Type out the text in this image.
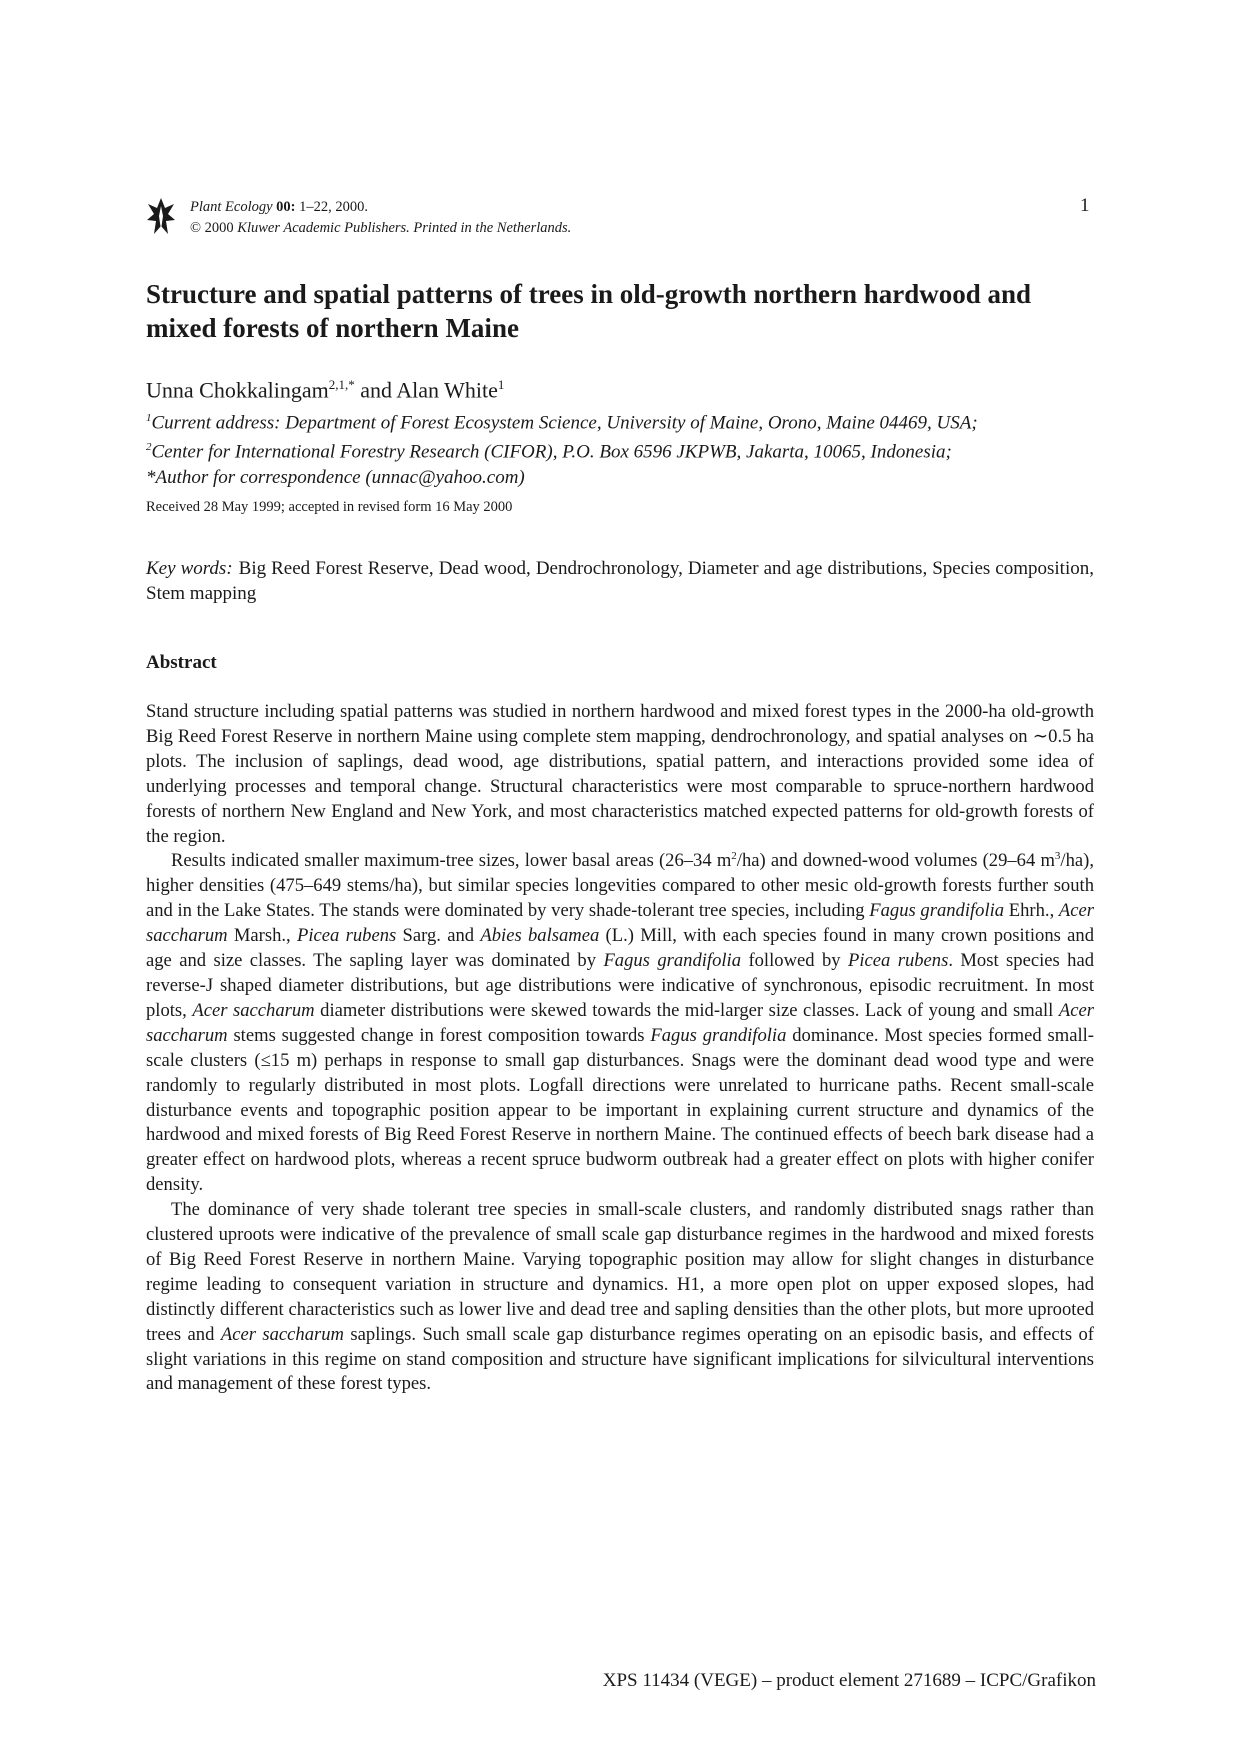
Plant Ecology 00: 1–22, 2000.
© 2000 Kluwer Academic Publishers. Printed in the Netherlands.
1
Structure and spatial patterns of trees in old-growth northern hardwood and mixed forests of northern Maine
Unna Chokkalingam$^{2,1,*}$ and Alan White$^1$
$^1$Current address: Department of Forest Ecosystem Science, University of Maine, Orono, Maine 04469, USA;
$^2$Center for International Forestry Research (CIFOR), P.O. Box 6596 JKPWB, Jakarta, 10065, Indonesia;
*Author for correspondence (unnac@yahoo.com)
Received 28 May 1999; accepted in revised form 16 May 2000
Key words: Big Reed Forest Reserve, Dead wood, Dendrochronology, Diameter and age distributions, Species composition, Stem mapping
Abstract

Stand structure including spatial patterns was studied in northern hardwood and mixed forest types in the 2000-ha old-growth Big Reed Forest Reserve in northern Maine using complete stem mapping, dendrochronology, and spatial analyses on ∼0.5 ha plots. The inclusion of saplings, dead wood, age distributions, spatial pattern, and interactions provided some idea of underlying processes and temporal change. Structural characteristics were most comparable to spruce-northern hardwood forests of northern New England and New York, and most characteristics matched expected patterns for old-growth forests of the region.

Results indicated smaller maximum-tree sizes, lower basal areas (26–34 $m^2/ha$) and downed-wood volumes (29–64 $m^3/ha$), higher densities (475–649 stems/ha), but similar species longevities compared to other mesic old-growth forests further south and in the Lake States. The stands were dominated by very shade-tolerant tree species, including Fagus grandifolia Ehrh., Acer saccharum Marsh., Picea rubens Sarg. and Abies balsamea (L.) Mill, with each species found in many crown positions and age and size classes. The sapling layer was dominated by Fagus grandifolia followed by Picea rubens. Most species had reverse-J shaped diameter distributions, but age distributions were indicative of synchronous, episodic recruitment. In most plots, Acer saccharum diameter distributions were skewed towards the mid-larger size classes. Lack of young and small Acer saccharum stems suggested change in forest composition towards Fagus grandifolia dominance. Most species formed small-scale clusters (≤15 m) perhaps in response to small gap disturbances. Snags were the dominant dead wood type and were randomly to regularly distributed in most plots. Logfall directions were unrelated to hurricane paths. Recent small-scale disturbance events and topographic position appear to be important in explaining current structure and dynamics of the hardwood and mixed forests of Big Reed Forest Reserve in northern Maine. The continued effects of beech bark disease had a greater effect on hardwood plots, whereas a recent spruce budworm outbreak had a greater effect on plots with higher conifer density.

The dominance of very shade tolerant tree species in small-scale clusters, and randomly distributed snags rather than clustered uproots were indicative of the prevalence of small scale gap disturbance regimes in the hardwood and mixed forests of Big Reed Forest Reserve in northern Maine. Varying topographic position may allow for slight changes in disturbance regime leading to consequent variation in structure and dynamics. H1, a more open plot on upper exposed slopes, had distinctly different characteristics such as lower live and dead tree and sapling densities than the other plots, but more uprooted trees and Acer saccharum saplings. Such small scale gap disturbance regimes operating on an episodic basis, and effects of slight variations in this regime on stand composition and structure have significant implications for silvicultural interventions and management of these forest types.

XPS 11434 (VEGE) – product element 271689 – ICPC/Grafikon
